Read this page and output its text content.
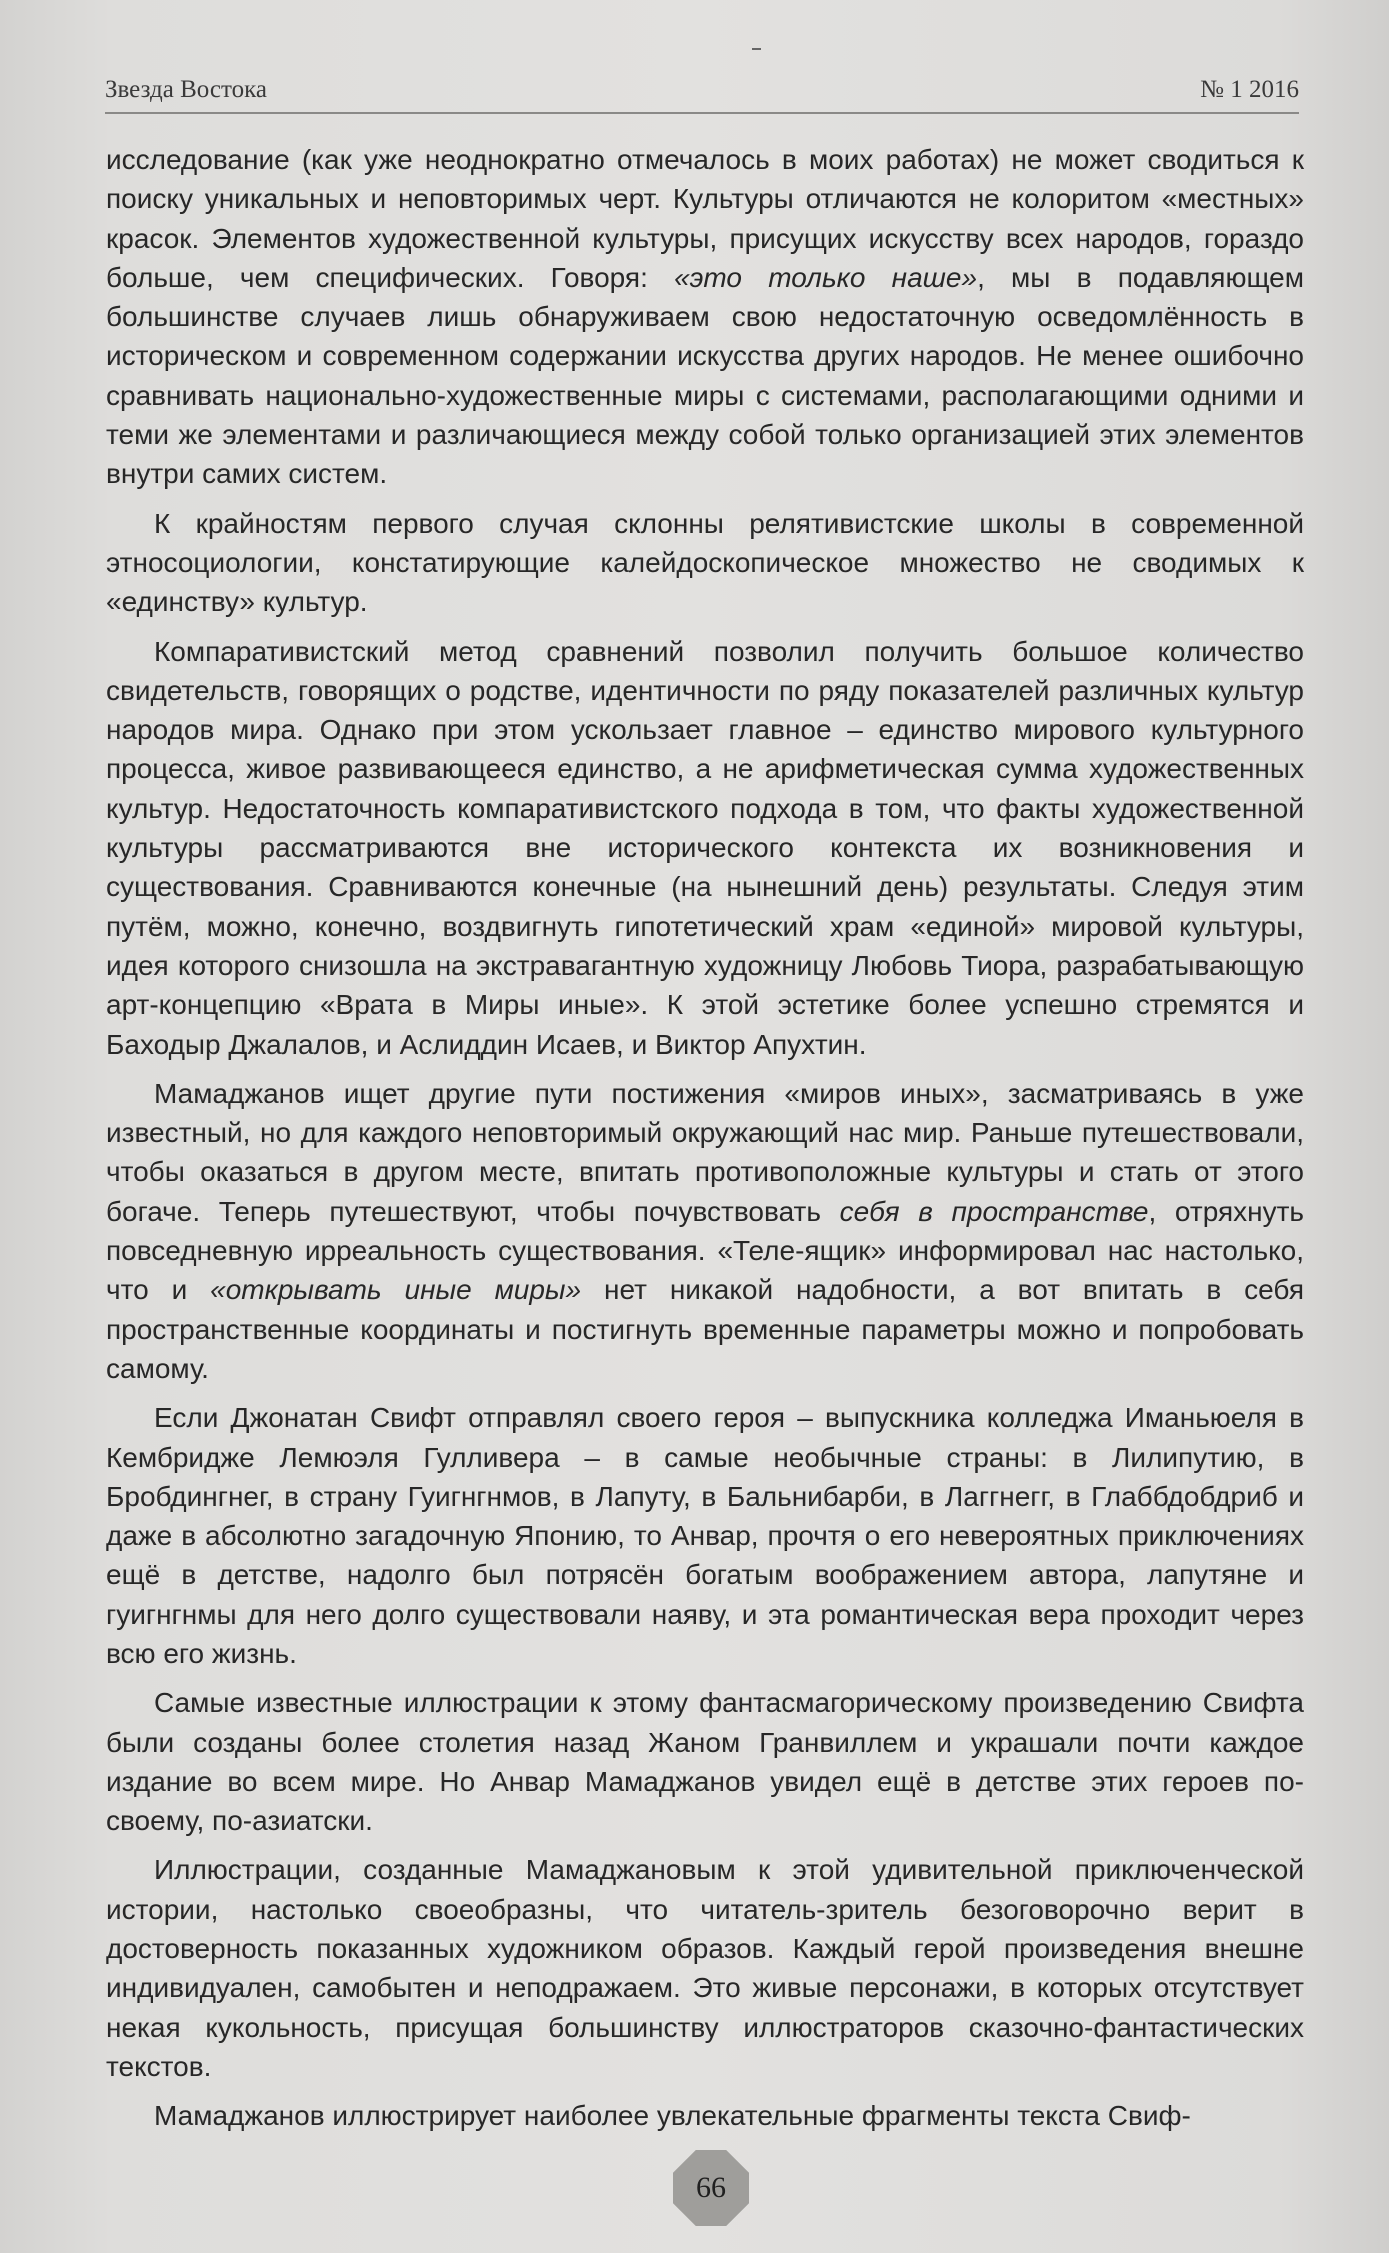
Звезда Востока	№ 1 2016

исследование (как уже неоднократно отмечалось в моих работах) не может сводиться к поиску уникальных и неповторимых черт. Культуры отличаются не колоритом «местных» красок. Элементов художественной культуры, присущих искусству всех народов, гораздо больше, чем специфических. Говоря: «это только наше», мы в подавляющем большинстве случаев лишь обнаруживаем свою недостаточную осведомлённость в историческом и современном содержании искусства других народов. Не менее ошибочно сравнивать национально-художественные миры с системами, располагающими одними и теми же элементами и различающиеся между собой только организацией этих элементов внутри самих систем.

К крайностям первого случая склонны релятивистские школы в современной этносоциологии, констатирующие калейдоскопическое множество не сводимых к «единству» культур.

Компаративистский метод сравнений позволил получить большое количество свидетельств, говорящих о родстве, идентичности по ряду показателей различных культур народов мира. Однако при этом ускользает главное – единство мирового культурного процесса, живое развивающееся единство, а не арифметическая сумма художественных культур. Недостаточность компаративистского подхода в том, что факты художественной культуры рассматриваются вне исторического контекста их возникновения и существования. Сравниваются конечные (на нынешний день) результаты. Следуя этим путём, можно, конечно, воздвигнуть гипотетический храм «единой» мировой культуры, идея которого снизошла на экстравагантную художницу Любовь Тиора, разрабатывающую арт-концепцию «Врата в Миры иные». К этой эстетике более успешно стремятся и Баходыр Джалалов, и Аслиддин Исаев, и Виктор Апухтин.

Мамаджанов ищет другие пути постижения «миров иных», засматриваясь в уже известный, но для каждого неповторимый окружающий нас мир. Раньше путешествовали, чтобы оказаться в другом месте, впитать противоположные культуры и стать от этого богаче. Теперь путешествуют, чтобы почувствовать себя в пространстве, отряхнуть повседневную ирреальность существования. «Теле-ящик» информировал нас настолько, что и «открывать иные миры» нет никакой надобности, а вот впитать в себя пространственные координаты и постигнуть временные параметры можно и попробовать самому.

Если Джонатан Свифт отправлял своего героя – выпускника колледжа Иманьюеля в Кембридже Лемюэля Гулливера – в самые необычные страны: в Лилипутию, в Бробдингнег, в страну Гуигнгнмов, в Лапуту, в Бальнибарби, в Лаггнегг, в Глаббдобдриб и даже в абсолютно загадочную Японию, то Анвар, прочтя о его невероятных приключениях ещё в детстве, надолго был потрясён богатым воображением автора, лапутяне и гуигнгнмы для него долго существовали наяву, и эта романтическая вера проходит через всю его жизнь.

Самые известные иллюстрации к этому фантасмагорическому произведению Свифта были созданы более столетия назад Жаном Гранвиллем и украшали почти каждое издание во всем мире. Но Анвар Мамаджанов увидел ещё в детстве этих героев по-своему, по-азиатски.

Иллюстрации, созданные Мамаджановым к этой удивительной приключенческой истории, настолько своеобразны, что читатель-зритель безоговорочно верит в достоверность показанных художником образов. Каждый герой произведения внешне индивидуален, самобытен и неподражаем. Это живые персонажи, в которых отсутствует некая кукольность, присущая большинству иллюстраторов сказочно-фантастических текстов.

Мамаджанов иллюстрирует наиболее увлекательные фрагменты текста Свиф-

66
